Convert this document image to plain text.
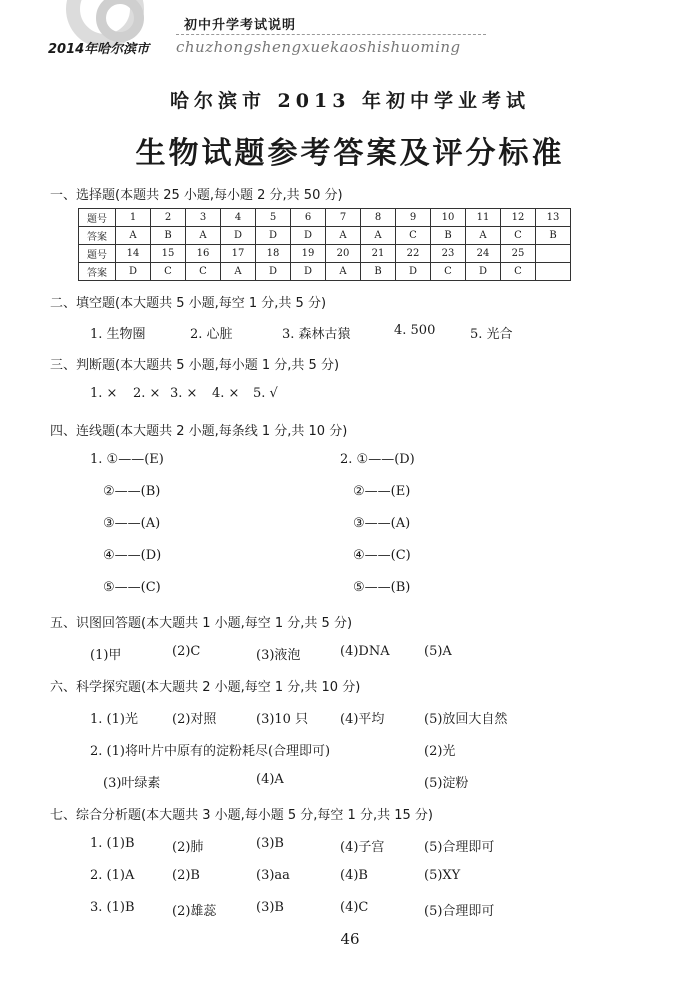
初中升学考试说明
2014年哈尔滨市 chuzhongshengxuekaoshishuoming
哈尔滨市 2013 年初中学业考试
生物试题参考答案及评分标准
一、选择题(本题共 25 小题,每小题 2 分,共 50 分)
题号	1	2	3	4	5	6	7	8	9	10	11	12	13
答案	A	B	A	D	D	D	A	A	C	B	A	C	B
题号	14	15	16	17	18	19	20	21	22	23	24	25	
答案	D	C	C	A	D	D	A	B	D	C	D	C	
二、填空题(本大题共 5 小题,每空 1 分,共 5 分)
1. 生物圈	2. 心脏	3. 森林古猿	4. 500	5. 光合
三、判断题(本大题共 5 小题,每小题 1 分,共 5 分)
1. × 2. × 3. × 4. × 5. √
四、连线题(本大题共 2 小题,每条线 1 分,共 10 分)
1. ①——(E)
②——(B)
③——(A)
④——(D)
⑤——(C)
2. ①——(D)
②——(E)
③——(A)
④——(C)
⑤——(B)
五、识图回答题(本大题共 1 小题,每空 1 分,共 5 分)
(1)甲	(2)C	(3)液泡	(4)DNA	(5)A
六、科学探究题(本大题共 2 小题,每空 1 分,共 10 分)
1. (1)光	(2)对照	(3)10 只 (4)平均	(5)放回大自然
2. (1)将叶片中原有的淀粉耗尽(合理即可)	(2)光
(3)叶绿素	(4)A	(5)淀粉
七、综合分析题(本大题共 3 小题,每小题 5 分,每空 1 分,共 15 分)
1. (1)B	(2)肺	(3)B	(4)子宫	(5)合理即可
2. (1)A	(2)B	(3)aa	(4)B	(5)XY
3. (1)B	(2)雄蕊	(3)B	(4)C	(5)合理即可
46
